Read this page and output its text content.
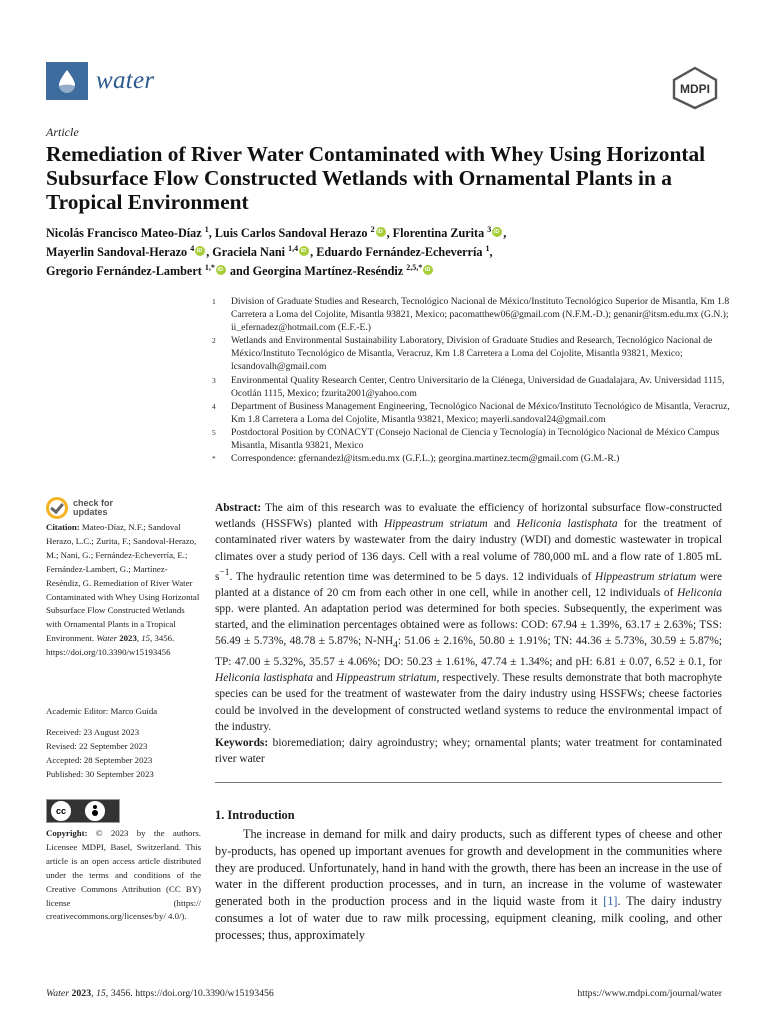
water	MDPI
Article
Remediation of River Water Contaminated with Whey Using Horizontal Subsurface Flow Constructed Wetlands with Ornamental Plants in a Tropical Environment
Nicolás Francisco Mateo-Díaz $^1$, Luis Carlos Sandoval Herazo $^2$ iD , Florentina Zurita $^3$ iD ,
Mayerlin Sandoval-Herazo $^4$ iD , Graciela Nani $^{1,4}$ iD , Eduardo Fernández-Echeverría $^1$,
Gregorio Fernández-Lambert $^{1,*}$iD and Georgina Martínez-Reséndiz $^{2,5,*}$iD
1	Division of Graduate Studies and Research, Tecnológico Nacional de México/Instituto Tecnológico Superior de Misantla, Km 1.8 Carretera a Loma del Cojolite, Misantla 93821, Mexico; pacomatthew06@gmail.com (N.F.M.-D.); genanir@itsm.edu.mx (G.N.); ii_efernadez@hotmail.com (E.F.-E.)
2	Wetlands and Environmental Sustainability Laboratory, Division of Graduate Studies and Research, Tecnológico Nacional de México/Instituto Tecnológico de Misantla, Veracruz, Km 1.8 Carretera a Loma del Cojolite, Misantla 93821, Mexico; lcsandovalh@gmail.com
3	Environmental Quality Research Center, Centro Universitario de la Ciénega, Universidad de Guadalajara, Av. Universidad 1115, Ocotlán 1115, Mexico; fzurita2001@yahoo.com
4	Department of Business Management Engineering, Tecnológico Nacional de México/Instituto Tecnológico de Misantla, Veracruz, Km 1.8 Carretera a Loma del Cojolite, Misantla 93821, Mexico; mayerli.sandoval24@gmail.com
5	Postdoctoral Position by CONACYT (Consejo Nacional de Ciencia y Tecnología) in Tecnológico Nacional de México Campus Misantla, Misantla 93821, Mexico
*	Correspondence: gfernandezl@itsm.edu.mx (G.F.L.); georgina.martinez.tecm@gmail.com (G.M.-R.)
check for
updates
Citation: Mateo-Díaz, N.F.; Sandoval Herazo, L.C.; Zurita, F.; Sandoval-Herazo, M.; Nani, G.; Fernández-Echeverría, E.; Fernández-Lambert, G.; Martínez-Reséndiz, G. Remediation of River Water Contaminated with Whey Using Horizontal Subsurface Flow Constructed Wetlands with Ornamental Plants in a Tropical Environment. Water 2023, 15, 3456. https://doi.org/10.3390/w15193456
Academic Editor: Marco Guida
Received: 23 August 2023
Revised: 22 September 2023
Accepted: 28 September 2023
Published: 30 September 2023
cc
Copyright: © 2023 by the authors. Licensee MDPI, Basel, Switzerland. This article is an open access article distributed under the terms and conditions of the Creative Commons Attribution (CC BY) license (https:// creativecommons.org/licenses/by/ 4.0/).
Abstract: The aim of this research was to evaluate the efficiency of horizontal subsurface flow-constructed wetlands (HSSFWs) planted with Hippeastrum striatum and Heliconia lastisphata for the treatment of contaminated river waters by wastewater from the dairy industry (WDI) and domestic wastewater in tropical climates over a study period of 136 days. Cell with a real volume of 780,000 mL and a flow rate of 1.805 mL $s^{-1}$. The hydraulic retention time was determined to be 5 days. 12 individuals of Hippeastrum striatum were planted at a distance of 20 cm from each other in one cell, while in another cell, 12 individuals of Heliconia spp. were planted. An adaptation period was determined for both species. Subsequently, the experiment was started, and the elimination percentages obtained were as follows: COD: 67.94 ± 1.39%, 63.17 ± 2.63%; TSS: 56.49 ± 5.73%, 48.78 ± 5.87%; $N-NH_4$: 51.06 ± 2.16%, 50.80 ± 1.91%; TN: 44.36 ± 5.73%, 30.59 ± 5.87%; TP: 47.00 ± 5.32%, 35.57 ± 4.06%; DO: 50.23 ± 1.61%, 47.74 ± 1.34%; and pH: 6.81 ± 0.07, 6.52 ± 0.1, for Heliconia lastisphata and Hippeastrum striatum, respectively. These results demonstrate that both macrophyte species can be used for the treatment of wastewater from the dairy industry using HSSFWs; cheese factories could be involved in the development of constructed wetland systems to reduce the environmental impact of the industry.
Keywords: bioremediation; dairy agroindustry; whey; ornamental plants; water treatment for contaminated river water
1. Introduction
The increase in demand for milk and dairy products, such as different types of cheese and other by-products, has opened up important avenues for growth and development in the communities where they are produced. Unfortunately, hand in hand with the growth, there has been an increase in the use of water in the different production processes, and in turn, an increase in the volume of wastewater generated both in the production process and in the liquid waste from it [1]. The dairy industry consumes a lot of water due to raw milk processing, equipment cleaning, milk cooling, and other processes; thus, approximately
Water 2023, 15, 3456. https://doi.org/10.3390/w15193456	https://www.mdpi.com/journal/water
